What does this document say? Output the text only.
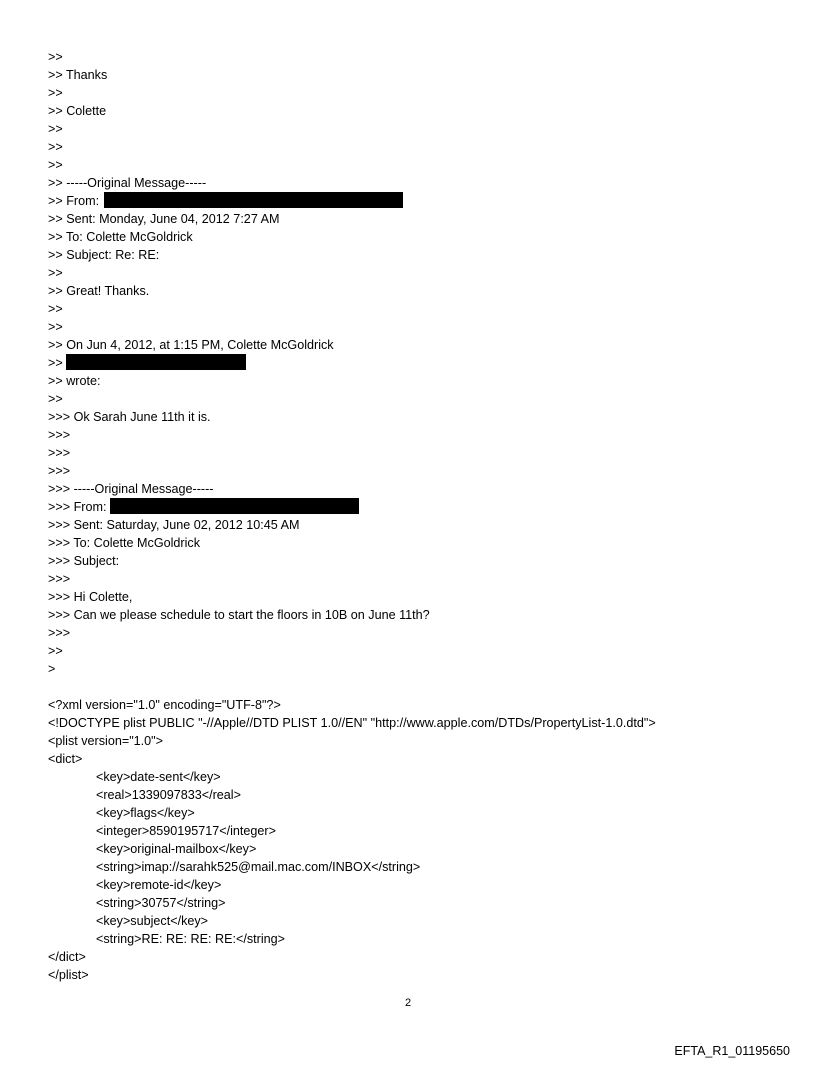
>>
>> Thanks
>>
>> Colette
>>
>>
>>
>> -----Original Message-----
>> From:
>> Sent: Monday, June 04, 2012 7:27 AM
>> To: Colette McGoldrick
>> Subject: Re: RE:
>>
>> Great! Thanks.
>>
>>
>> On Jun 4, 2012, at 1:15 PM, Colette McGoldrick
>>
>> wrote:
>>
>>> Ok Sarah June 11th it is.
>>>
>>>
>>>
>>> -----Original Message-----
>>> From:
>>> Sent: Saturday, June 02, 2012 10:45 AM
>>> To: Colette McGoldrick
>>> Subject:
>>>
>>> Hi Colette,
>>> Can we please schedule to start the floors in 10B on June 11th?
>>>
>>
>
<?xml version="1.0" encoding="UTF-8"?>
<!DOCTYPE plist PUBLIC "-//Apple//DTD PLIST 1.0//EN" "http://www.apple.com/DTDs/PropertyList-1.0.dtd">
<plist version="1.0">
<dict>
<key>date-sent</key>
<real>1339097833</real>
<key>flags</key>
<integer>8590195717</integer>
<key>original-mailbox</key>
<string>imap://sarahk525@mail.mac.com/INBOX</string>
<key>remote-id</key>
<string>30757</string>
<key>subject</key>
<string>RE: RE: RE: RE:</string>
</dict>
</plist>
2
EFTA_R1_01195650
